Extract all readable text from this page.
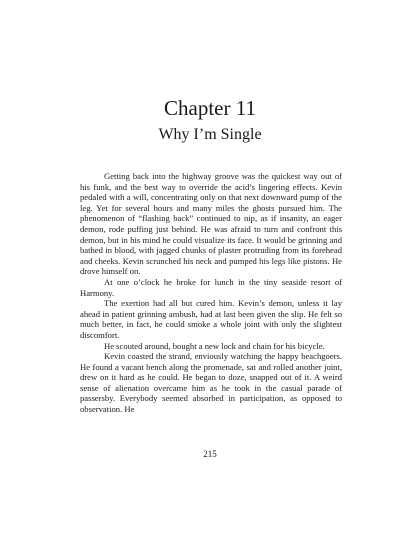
Chapter 11
Why I’m Single

Getting back into the highway groove was the quickest way out of his funk, and the best way to override the acid’s lingering effects. Kevin pedaled with a will, concentrating only on that next downward pump of the leg. Yet for several hours and many miles the ghosts pursued him. The phenomenon of “flashing back” continued to nip, as if insanity, an eager demon, rode puffing just behind. He was afraid to turn and confront this demon, but in his mind he could visualize its face. It would be grinning and bathed in blood, with jagged chunks of plaster protruding from its forehead and cheeks. Kevin scrunched his neck and pumped his legs like pistons. He drove himself on.

At one o’clock he broke for lunch in the tiny seaside resort of Harmony.

The exertion had all but cured him. Kevin’s demon, unless it lay ahead in patient grinning ambush, had at last been given the slip. He felt so much better, in fact, he could smoke a whole joint with only the slightest discomfort.

He scouted around, bought a new lock and chain for his bicycle.

Kevin coasted the strand, enviously watching the happy beachgoers. He found a vacant bench along the promenade, sat and rolled another joint, drew on it hard as he could. He began to doze, snapped out of it. A weird sense of alienation overcame him as he took in the casual parade of passersby. Everybody seemed absorbed in participation, as opposed to observation. He

215
